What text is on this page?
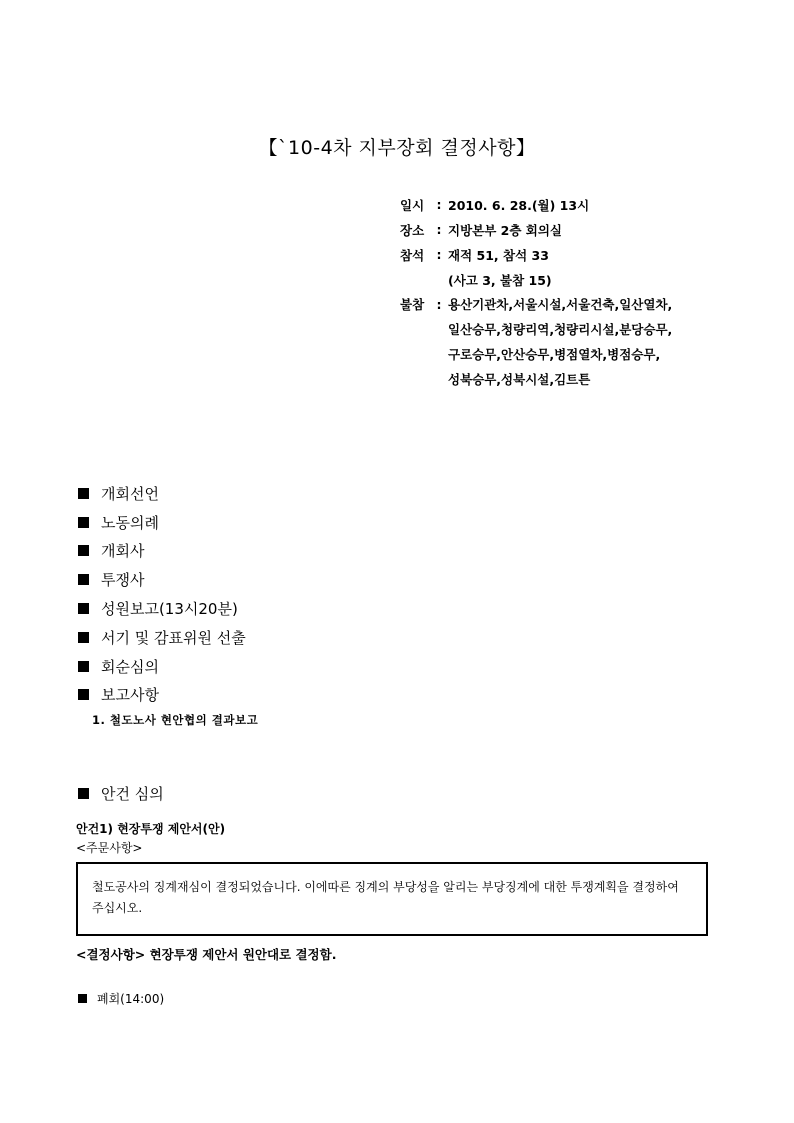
【`10-4차 지부장회 결정사항】
일시 : 2010. 6. 28.(월) 13시
장소 : 지방본부 2층 회의실
참석 : 재적 51, 참석 33
(사고 3, 불참 15)
불참 : 용산기관차,서울시설,서울건축,일산열차,
일산승무,청량리역,청량리시설,분당승무,
구로승무,안산승무,병점열차,병점승무,
성북승무,성북시설,김트튼
개회선언
노동의례
개회사
투쟁사
성원보고(13시20분)
서기 및 감표위원 선출
회순심의
보고사항
1. 철도노사 현안협의 결과보고
안건 심의
안건1) 현장투쟁 제안서(안)
<주문사항>
철도공사의 징계재심이 결정되었습니다. 이에따른 징계의 부당성을 알리는 부당징계에 대한 투쟁계획을 결정하여 주십시오.
<결정사항> 현장투쟁 제안서 원안대로 결정함.
폐회(14:00)
